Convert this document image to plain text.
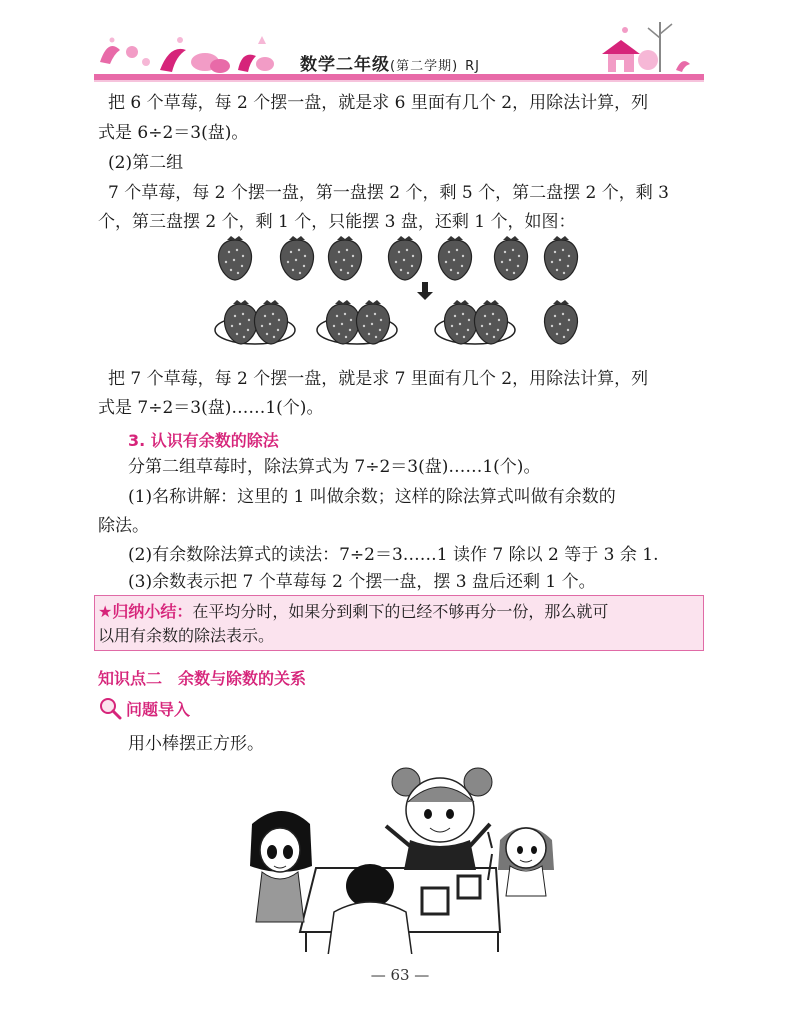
数学二年级(第二学期) RJ
把 6 个草莓，每 2 个摆一盘，就是求 6 里面有几个 2，用除法计算，列
式是 6÷2＝3(盘)。
(2)第二组
7 个草莓，每 2 个摆一盘，第一盘摆 2 个，剩 5 个，第二盘摆 2 个，剩 3
个，第三盘摆 2 个，剩 1 个，只能摆 3 盘，还剩 1 个，如图：
把 7 个草莓，每 2 个摆一盘，就是求 7 里面有几个 2，用除法计算，列
式是 7÷2＝3(盘)……1(个)。
3. 认识有余数的除法
分第二组草莓时，除法算式为 7÷2＝3(盘)……1(个)。
(1)名称讲解：这里的 1 叫做余数；这样的除法算式叫做有余数的
除法。
(2)有余数除法算式的读法：7÷2＝3……1 读作 7 除以 2 等于 3 余 1.
(3)余数表示把 7 个草莓每 2 个摆一盘，摆 3 盘后还剩 1 个。
★归纳小结：在平均分时，如果分到剩下的已经不够再分一份，那么就可
以用有余数的除法表示。
知识点二　余数与除数的关系
问题导入
用小棒摆正方形。
— 63 —
